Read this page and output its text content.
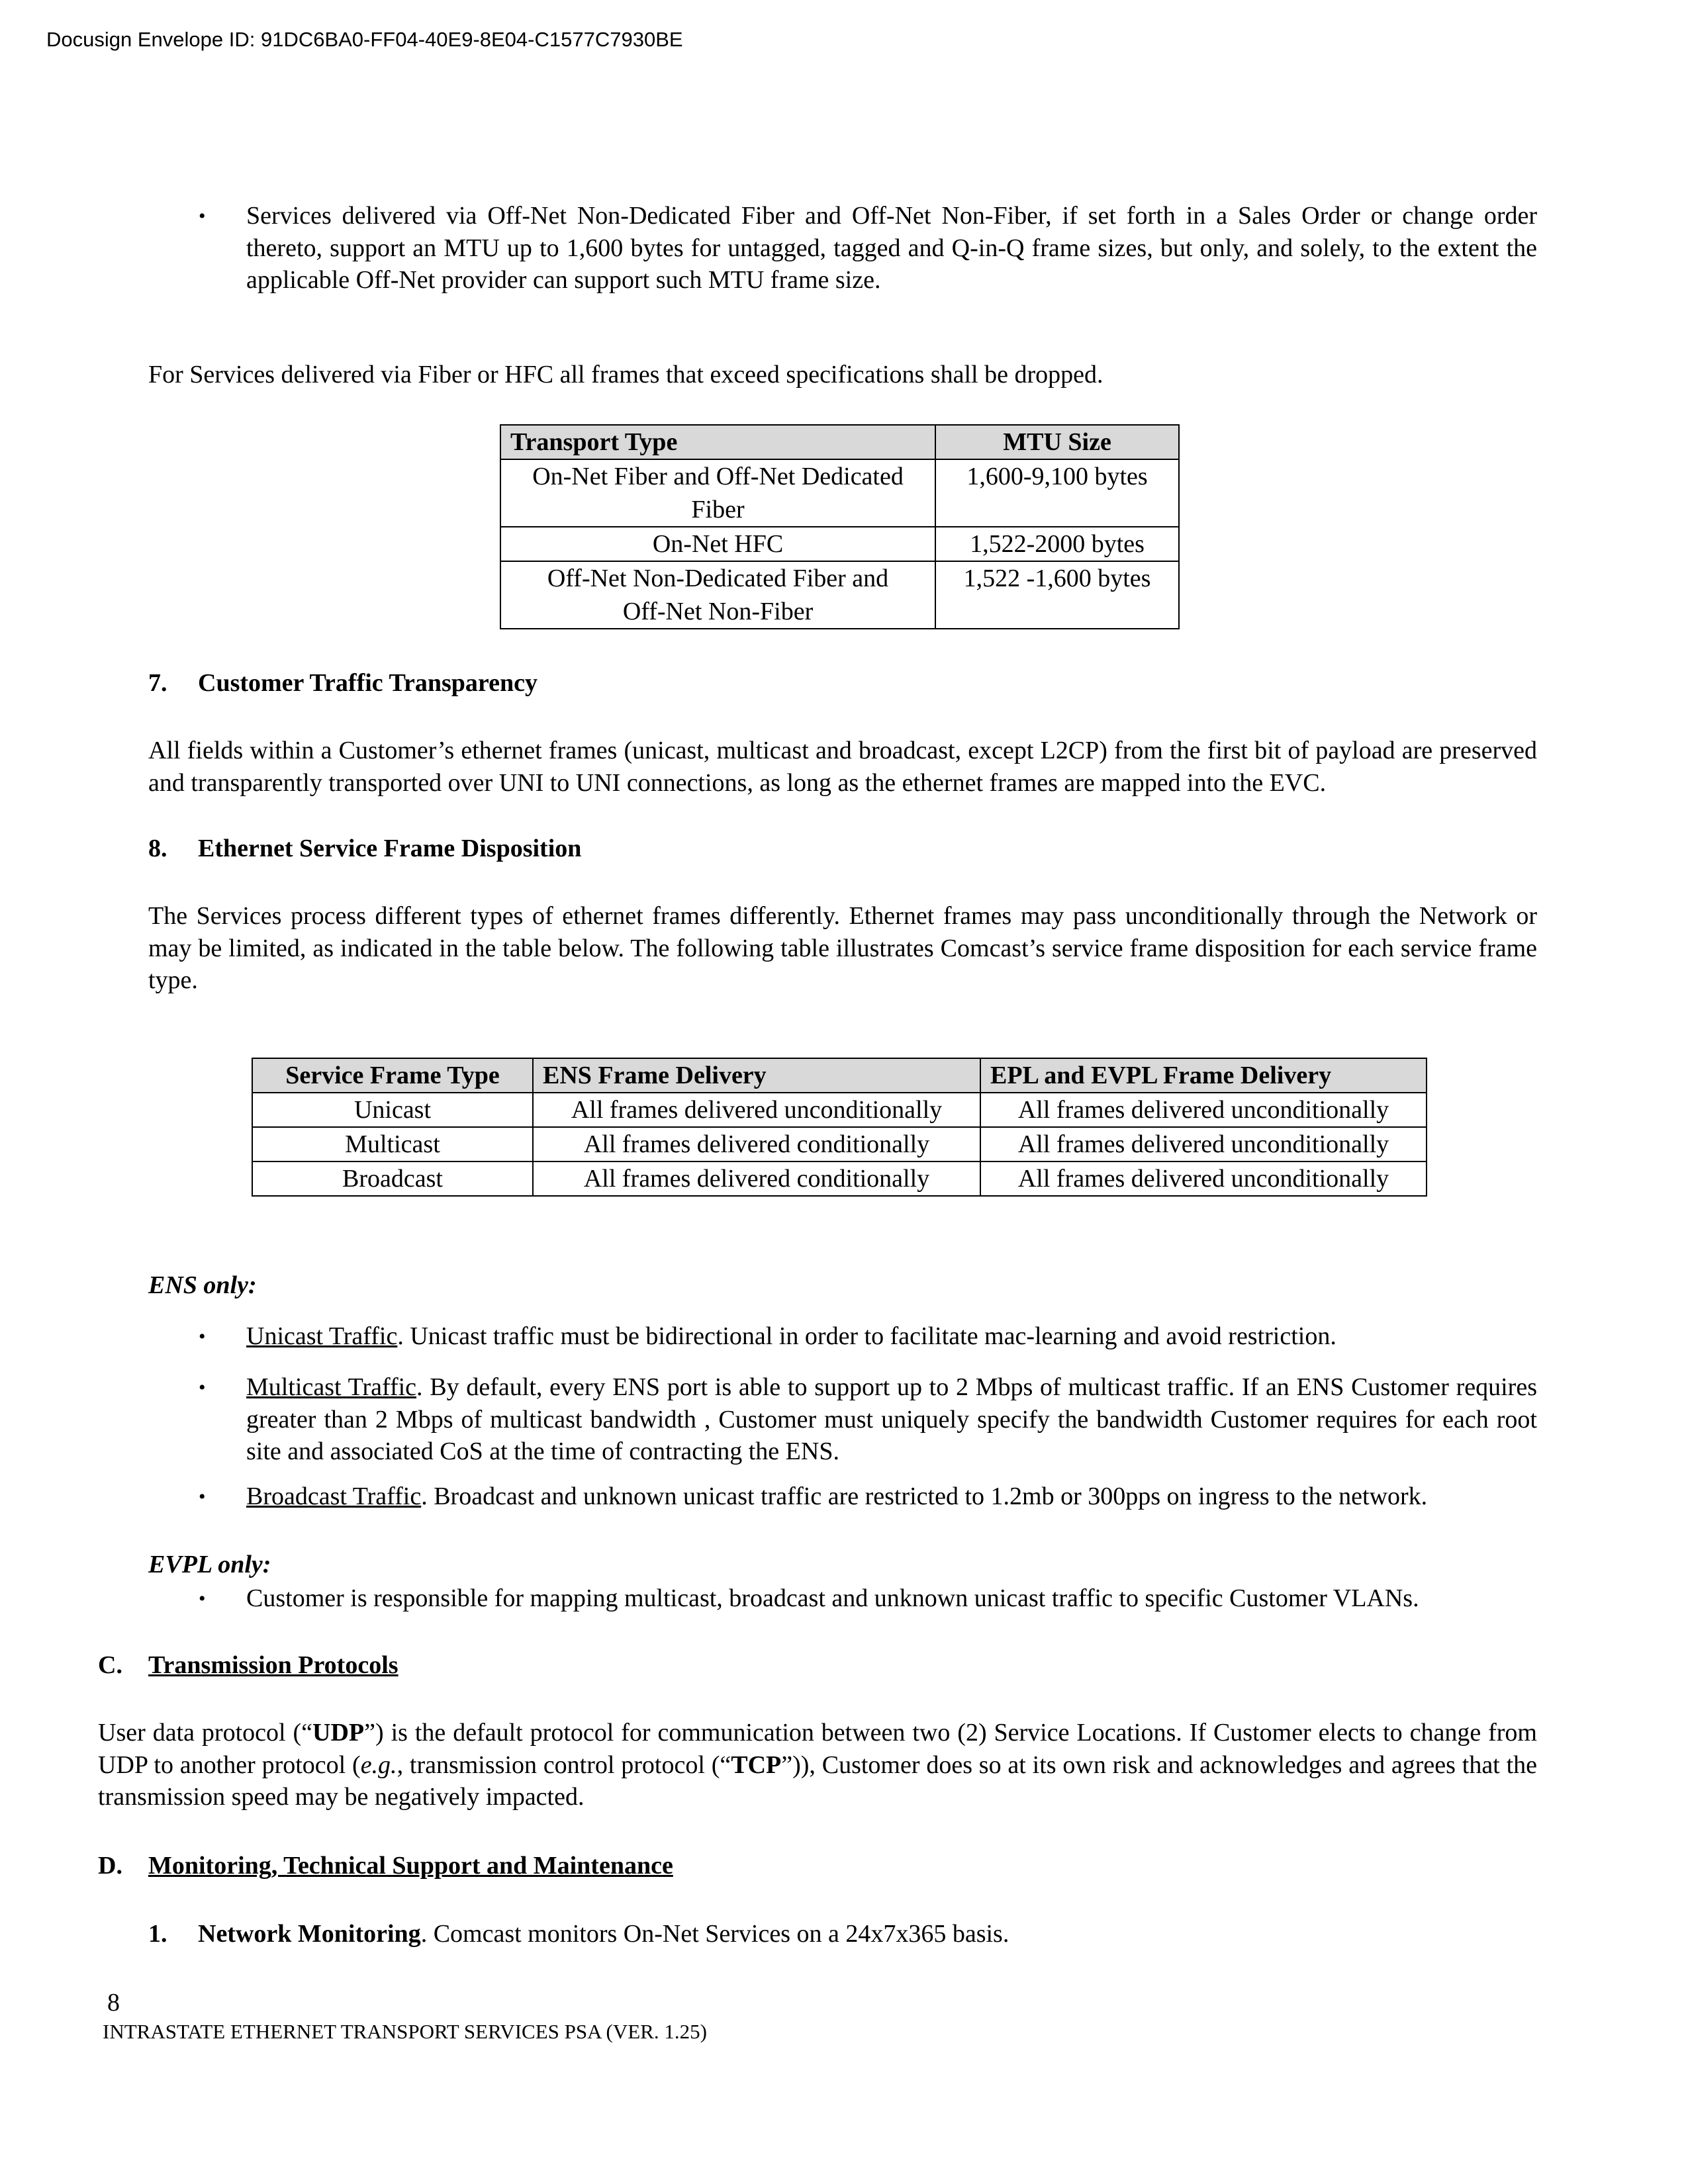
Docusign Envelope ID: 91DC6BA0-FF04-40E9-8E04-C1577C7930BE
•	Services delivered via Off-Net Non-Dedicated Fiber and Off-Net Non-Fiber, if set forth in a Sales Order or change order thereto, support an MTU up to 1,600 bytes for untagged, tagged and Q-in-Q frame sizes, but only, and solely, to the extent the applicable Off-Net provider can support such MTU frame size.
For Services delivered via Fiber or HFC all frames that exceed specifications shall be dropped.
Transport Type	MTU Size
On-Net Fiber and Off-Net Dedicated Fiber	1,600-9,100 bytes
On-Net HFC	1,522-2000 bytes
Off-Net Non-Dedicated Fiber and Off-Net Non-Fiber	1,522 -1,600 bytes
7. Customer Traffic Transparency
All fields within a Customer’s ethernet frames (unicast, multicast and broadcast, except L2CP) from the first bit of payload are preserved and transparently transported over UNI to UNI connections, as long as the ethernet frames are mapped into the EVC.
8. Ethernet Service Frame Disposition
The Services process different types of ethernet frames differently. Ethernet frames may pass unconditionally through the Network or may be limited, as indicated in the table below. The following table illustrates Comcast’s service frame disposition for each service frame type.
Service Frame Type	ENS Frame Delivery	EPL and EVPL Frame Delivery
Unicast	All frames delivered unconditionally	All frames delivered unconditionally
Multicast	All frames delivered conditionally	All frames delivered unconditionally
Broadcast	All frames delivered conditionally	All frames delivered unconditionally
ENS only:
•	Unicast Traffic. Unicast traffic must be bidirectional in order to facilitate mac-learning and avoid restriction.
•	Multicast Traffic. By default, every ENS port is able to support up to 2 Mbps of multicast traffic. If an ENS Customer requires greater than 2 Mbps of multicast bandwidth , Customer must uniquely specify the bandwidth Customer requires for each root site and associated CoS at the time of contracting the ENS.
•	Broadcast Traffic. Broadcast and unknown unicast traffic are restricted to 1.2mb or 300pps on ingress to the network.
EVPL only:
•	Customer is responsible for mapping multicast, broadcast and unknown unicast traffic to specific Customer VLANs.
C. Transmission Protocols
User data protocol (“UDP”) is the default protocol for communication between two (2) Service Locations. If Customer elects to change from UDP to another protocol (e.g., transmission control protocol (“TCP”)), Customer does so at its own risk and acknowledges and agrees that the transmission speed may be negatively impacted.
D. Monitoring, Technical Support and Maintenance
1. Network Monitoring. Comcast monitors On-Net Services on a 24x7x365 basis.
8
INTRASTATE ETHERNET TRANSPORT SERVICES PSA (VER. 1.25)
